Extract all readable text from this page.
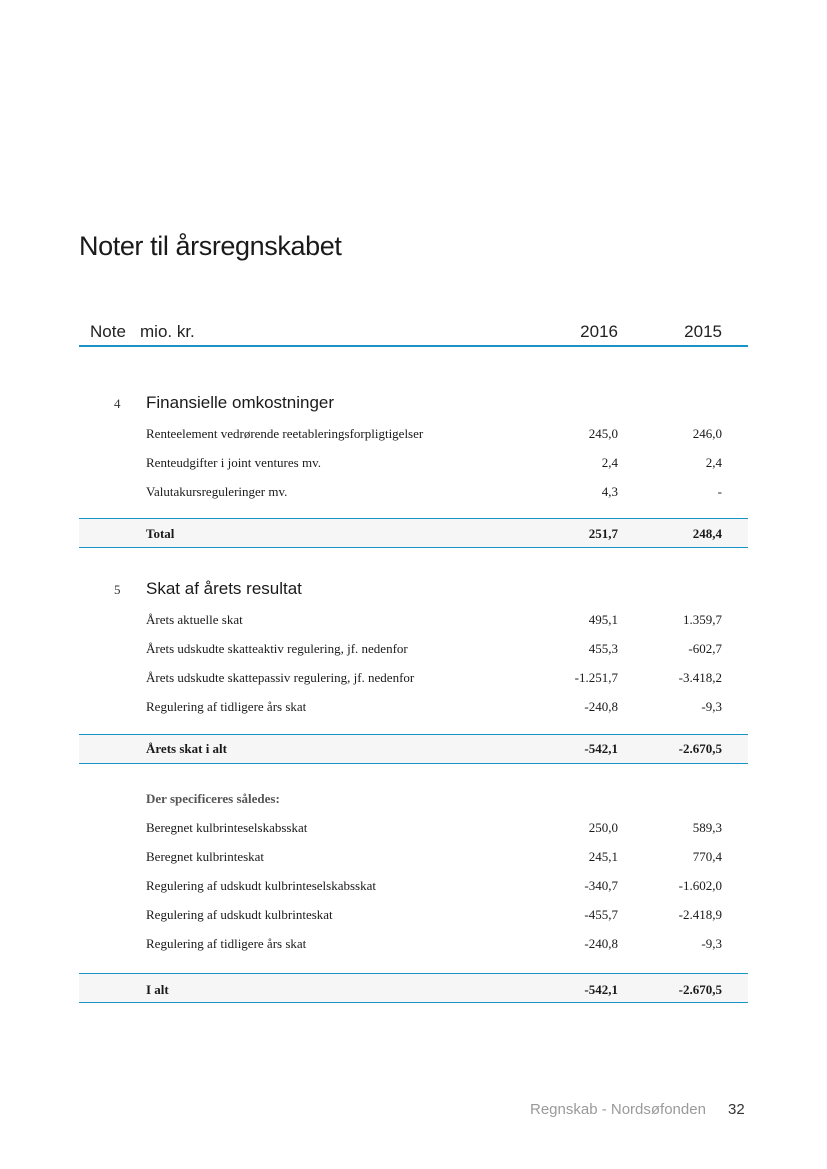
Noter til årsregnskabet
Note mio. kr.	2016	2015
4 Finansielle omkostninger
Renteelement vedrørende reetableringsforpligtigelser	245,0	246,0
Renteudgifter i joint ventures mv.	2,4	2,4
Valutakursreguleringer mv.	4,3	-
Total	251,7	248,4
5 Skat af årets resultat
Årets aktuelle skat	495,1	1.359,7
Årets udskudte skatteaktiv regulering, jf. nedenfor	455,3	-602,7
Årets udskudte skattepassiv regulering, jf. nedenfor	-1.251,7	-3.418,2
Regulering af tidligere års skat	-240,8	-9,3
Årets skat i alt	-542,1	-2.670,5
Der specificeres således:
Beregnet kulbrinteselskabsskat	250,0	589,3
Beregnet kulbrinteskat	245,1	770,4
Regulering af udskudt kulbrinteselskabsskat	-340,7	-1.602,0
Regulering af udskudt kulbrinteskat	-455,7	-2.418,9
Regulering af tidligere års skat	-240,8	-9,3
I alt	-542,1	-2.670,5
Regnskab - Nordsøfonden 32
